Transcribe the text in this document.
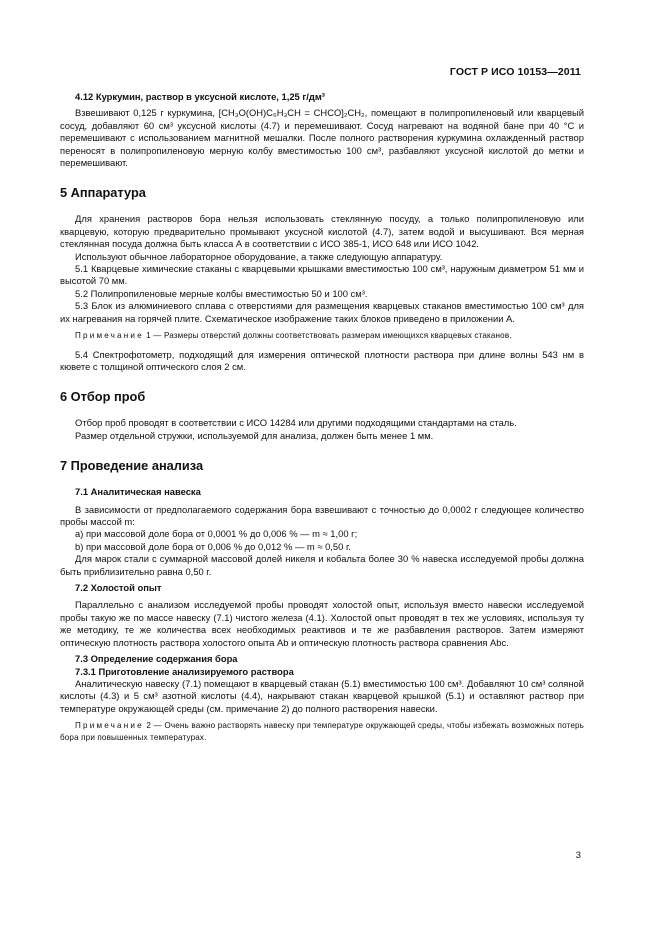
ГОСТ Р ИСО 10153—2011

4.12 Куркумин, раствор в уксусной кислоте, 1,25 г/дм³

Взвешивают 0,125 г куркумина, [CH₃O(OH)C₆H₃CH = CHCO]₂CH₂, помещают в полипропиленовый или кварцевый сосуд, добавляют 60 см³ уксусной кислоты (4.7) и перемешивают. Сосуд нагревают на водяной бане при 40 °С и перемешивают с использованием магнитной мешалки. После полного растворения куркумина охлажденный раствор переносят в полипропиленовую мерную колбу вместимостью 100 см³, разбавляют уксусной кислотой до метки и перемешивают.

5 Аппаратура

Для хранения растворов бора нельзя использовать стеклянную посуду, а только полипропиленовую или кварцевую, которую предварительно промывают уксусной кислотой (4.7), затем водой и высушивают. Вся мерная стеклянная посуда должна быть класса А в соответствии с ИСО 385-1, ИСО 648 или ИСО 1042.

Используют обычное лабораторное оборудование, а также следующую аппаратуру.

5.1 Кварцевые химические стаканы с кварцевыми крышками вместимостью 100 см³, наружным диаметром 51 мм и высотой 70 мм.

5.2 Полипропиленовые мерные колбы вместимостью 50 и 100 см³.

5.3 Блок из алюминиевого сплава с отверстиями для размещения кварцевых стаканов вместимостью 100 см³ для их нагревания на горячей плите. Схематическое изображение таких блоков приведено в приложении А.

Примечание 1 — Размеры отверстий должны соответствовать размерам имеющихся кварцевых стаканов.

5.4 Спектрофотометр, подходящий для измерения оптической плотности раствора при длине волны 543 нм в кювете с толщиной оптического слоя 2 см.

6 Отбор проб

Отбор проб проводят в соответствии с ИСО 14284 или другими подходящими стандартами на сталь.

Размер отдельной стружки, используемой для анализа, должен быть менее 1 мм.

7 Проведение анализа

7.1 Аналитическая навеска

В зависимости от предполагаемого содержания бора взвешивают с точностью до 0,0002 г следующее количество пробы массой m:

a) при массовой доле бора от 0,0001 % до 0,006 % — m ≈ 1,00 г;

b) при массовой доле бора от 0,006 % до 0,012 % — m ≈ 0,50 г.

Для марок стали с суммарной массовой долей никеля и кобальта более 30 % навеска исследуемой пробы должна быть приблизительно равна 0,50 г.

7.2 Холостой опыт

Параллельно с анализом исследуемой пробы проводят холостой опыт, используя вместо навески исследуемой пробы такую же по массе навеску (7.1) чистого железа (4.1). Холостой опыт проводят в тех же условиях, используя ту же методику, те же количества всех необходимых реактивов и те же разбавления растворов. Затем измеряют оптическую плотность раствора холостого опыта Ab и оптическую плотность раствора сравнения Abc.

7.3 Определение содержания бора

7.3.1 Приготовление анализируемого раствора

Аналитическую навеску (7.1) помещают в кварцевый стакан (5.1) вместимостью 100 см³. Добавляют 10 см³ соляной кислоты (4.3) и 5 см³ азотной кислоты (4.4), накрывают стакан кварцевой крышкой (5.1) и оставляют раствор при температуре окружающей среды (см. примечание 2) до полного растворения навески.

Примечание 2 — Очень важно растворять навеску при температуре окружающей среды, чтобы избежать возможных потерь бора при повышенных температурах.

3
